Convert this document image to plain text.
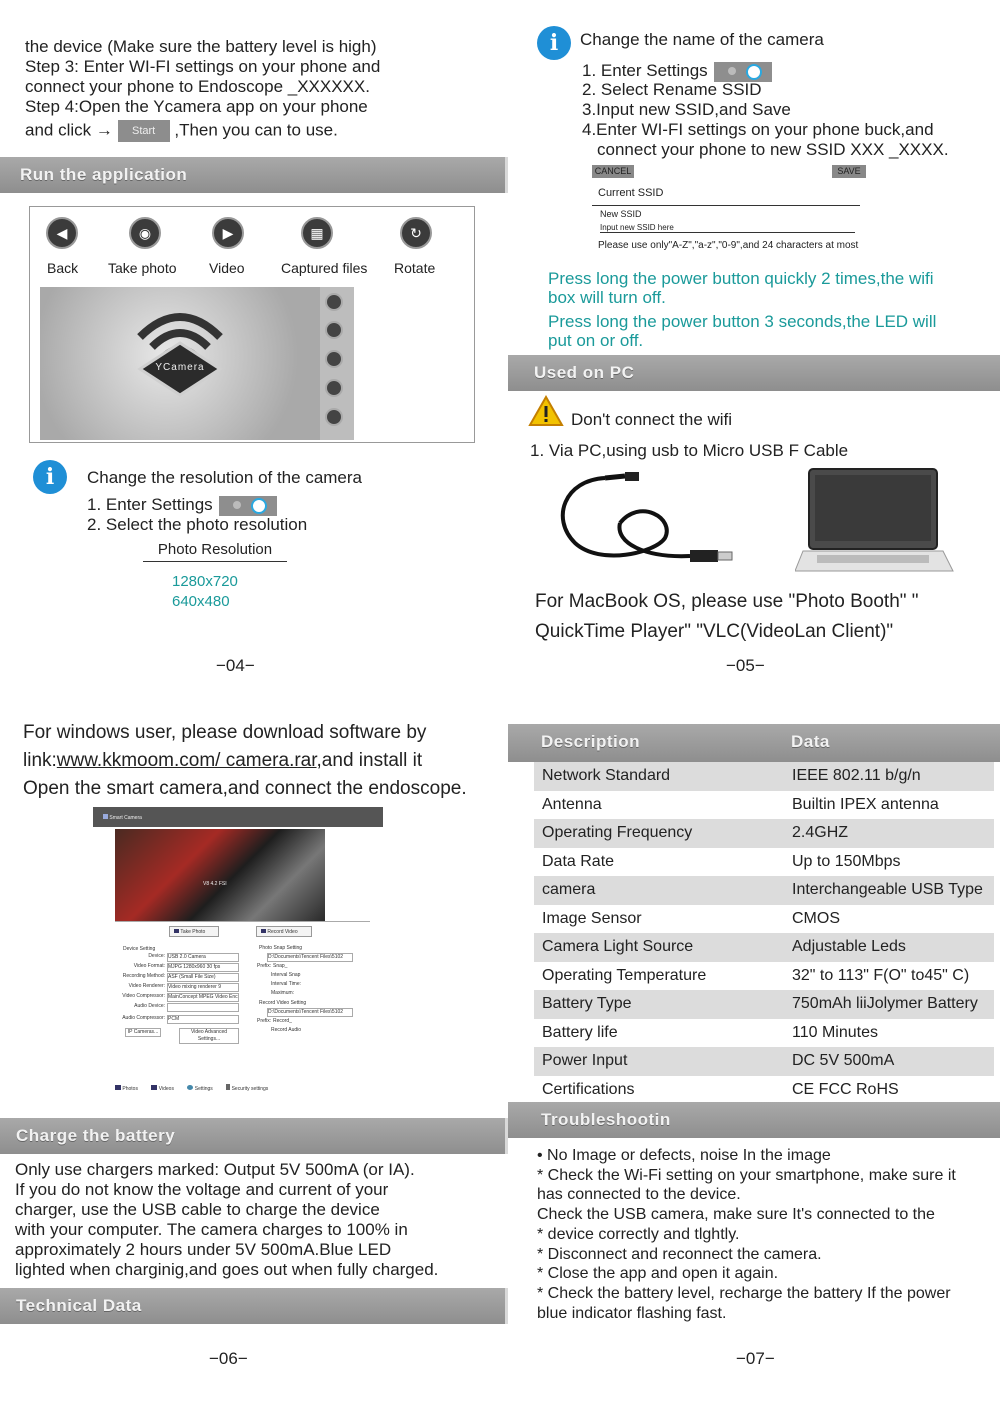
the device (Make sure the battery level is high)
Step 3: Enter WI-FI settings on your phone and
connect your phone to Endoscope _XXXXXX.
Step 4:Open the Ycamera app on your phone
and click → Start ,Then you can to use.
Run the application
◀	◉	▶	▦	↻
Back Take photo Video	Captured files Rotate
YCamera
i	Change the resolution of the camera
1. Enter Settings
2. Select the photo resolution
Photo Resolution
1280x720
640x480
−04−
i	Change the name of the camera
1. Enter Settings
2. Select Rename SSID
3.Input new SSID,and Save
4.Enter WI-FI settings on your phone buck,and
connect your phone to new SSID XXX _XXXX.
CANCEL	SAVE
Current SSID
New SSID
Input new SSID here
Please use only"A-Z","a-z","0-9",and 24 characters at most
Press long the power button quickly 2 times,the wifi
box will turn off.
Press long the power button 3 seconds,the LED will
put on or off.
Used on PC
Don't connect the wifi
1. Via PC,using usb to Micro USB F Cable
For MacBook OS, please use "Photo Booth" "
QuickTime Player" "VLC(VideoLan Client)"
−05−
For windows user, please download software by
link:www.kkmoom.com/ camera.rar,and install it
Open the smart camera,and connect the endoscope.
Smart Camera
V8 4.2 FSI
Take Photo	Record Video
Device Setting
Device: USB 2.0 Camera
Video Format: MJPG 1280x960 30 fps
Recording Method: ASF (Small File Size)
Video Renderer: Video mixing renderer 9
Video Compressor: MainConcept MPEG Video Enc
Audio Device:
Audio Compressor: PCM
IP Cameras...	Video Advanced Settings...
Photo Snap Setting
D:\Documents\Tencent Files\5102
Prefix: Snap_
Interval Snap
Interval Time:
Maximum:
Record Video Setting
D:\Documents\Tencent Files\5102
Prefix: Record_
Record Audio
Photos	Videos	Settings	Security settings
Charge the battery
Only use chargers marked: Output 5V 500mA (or IA).
If you do not know the voltage and current of your
charger, use the USB cable to charge the device
with your computer. The camera charges to 100% in
approximately 2 hours under 5V 500mA.Blue LED
lighted when charginig,and goes out when fully charged.
Technical Data
−06−
Description	Data
Network Standard	IEEE 802.11 b/g/n
Antenna	Builtin IPEX antenna
Operating Frequency	2.4GHZ
Data Rate	Up to 150Mbps
camera	Interchangeable USB Type
Image Sensor	CMOS
Camera Light Source	Adjustable Leds
Operating Temperature	32" to 113" F(O" to45" C)
Battery Type	750mAh liiJolymer Battery
Battery life	110 Minutes
Power Input	DC 5V 500mA
Certifications	CE FCC RoHS
Troubleshootin
• No Image or defects, noise In the image
* Check the Wi-Fi setting on your smartphone, make sure it
has connected to the device.
Check the USB camera, make sure It's connected to the
* device correctly and tlghtly.
* Disconnect and reconnect the camera.
* Close the app and open it again.
* Check the battery level, recharge the battery If the power
blue indicator flashing fast.
−07−
